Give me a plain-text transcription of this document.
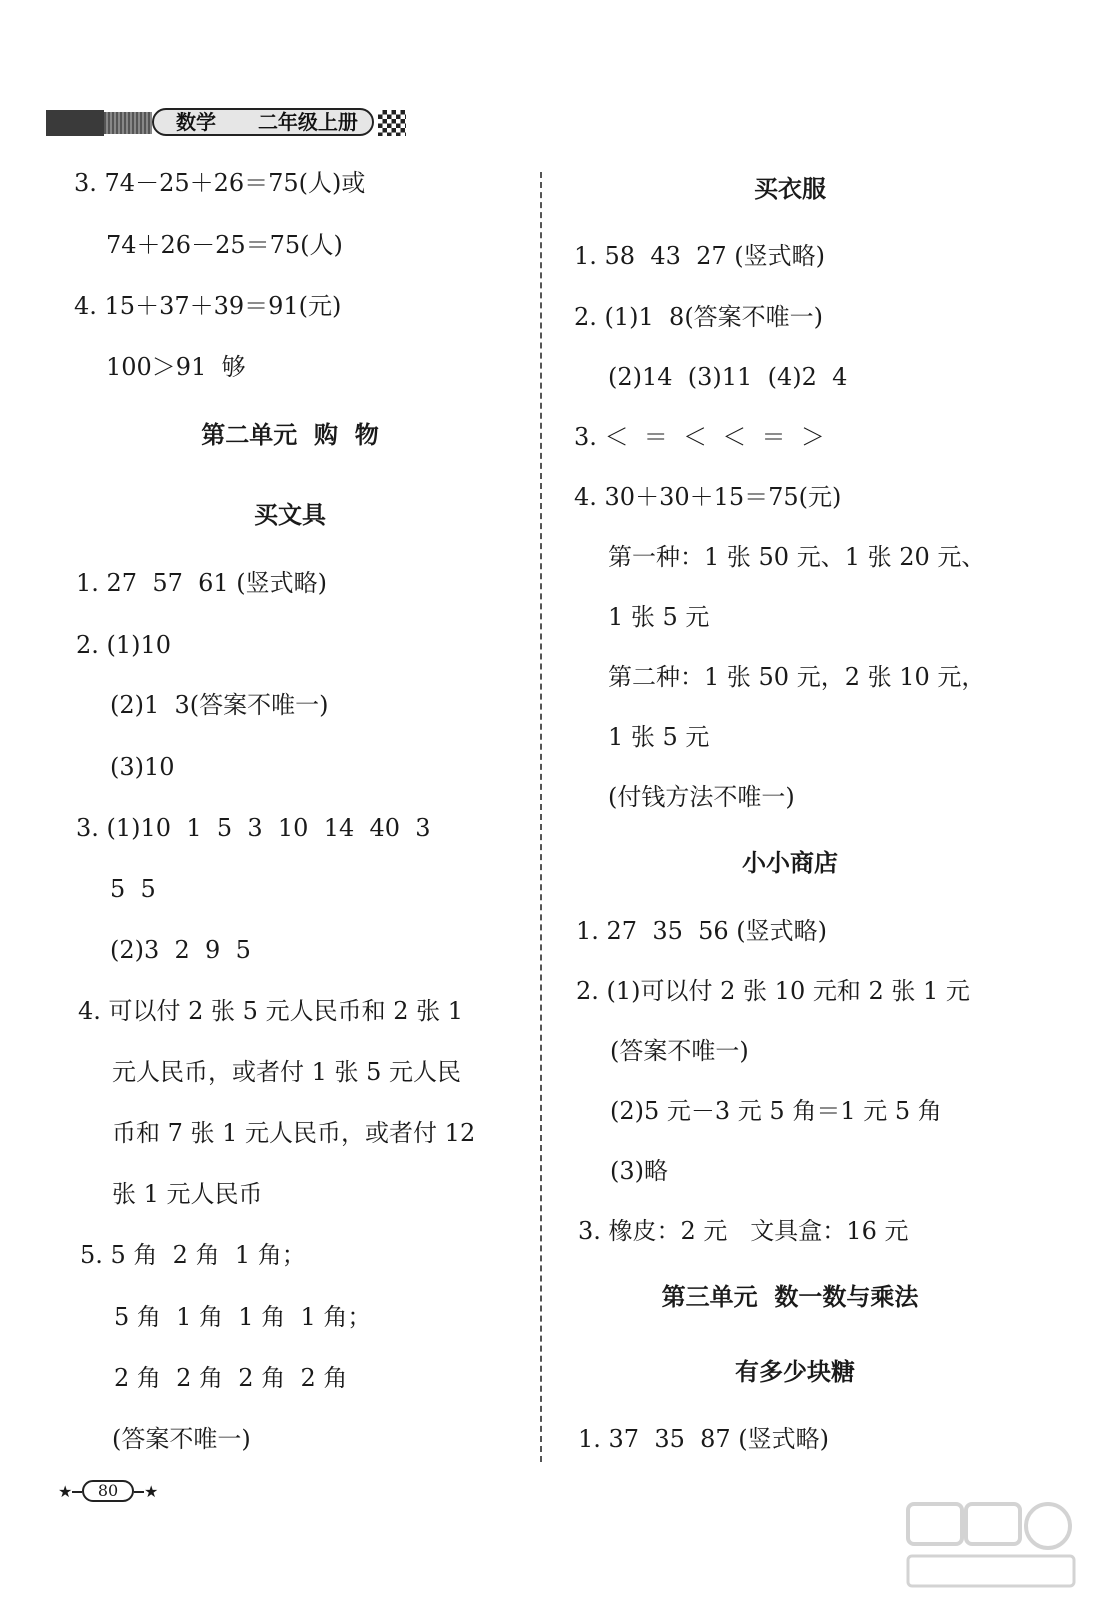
数学 二年级上册
3. 74－25＋26＝75(人)或
74＋26－25＝75(人)
4. 15＋37＋39＝91(元)
100＞91  够
第二单元  购  物
买文具
1. 27  57  61 (竖式略)
2. (1)10
(2)1  3(答案不唯一)
(3)10
3. (1)10  1  5  3  10  14  40  3
5  5
(2)3  2  9  5
4. 可以付 2 张 5 元人民币和 2 张 1
元人民币，或者付 1 张 5 元人民
币和 7 张 1 元人民币，或者付 12
张 1 元人民币
5. 5 角  2 角  1 角；
5 角  1 角  1 角  1 角；
2 角  2 角  2 角  2 角
(答案不唯一)
买衣服
1. 58  43  27 (竖式略)
2. (1)1  8(答案不唯一)
(2)14  (3)11  (4)2  4
3. ＜  ＝  ＜  ＜  ＝  ＞
4. 30＋30＋15＝75(元)
第一种：1 张 50 元、1 张 20 元、
1 张 5 元
第二种：1 张 50 元，2 张 10 元，
1 张 5 元
(付钱方法不唯一)
小小商店
1. 27  35  56 (竖式略)
2. (1)可以付 2 张 10 元和 2 张 1 元
(答案不唯一)
(2)5 元－3 元 5 角＝1 元 5 角
(3)略
3. 橡皮：2 元   文具盒：16 元
第三单元  数一数与乘法
有多少块糖
1. 37  35  87 (竖式略)
★	80	★
